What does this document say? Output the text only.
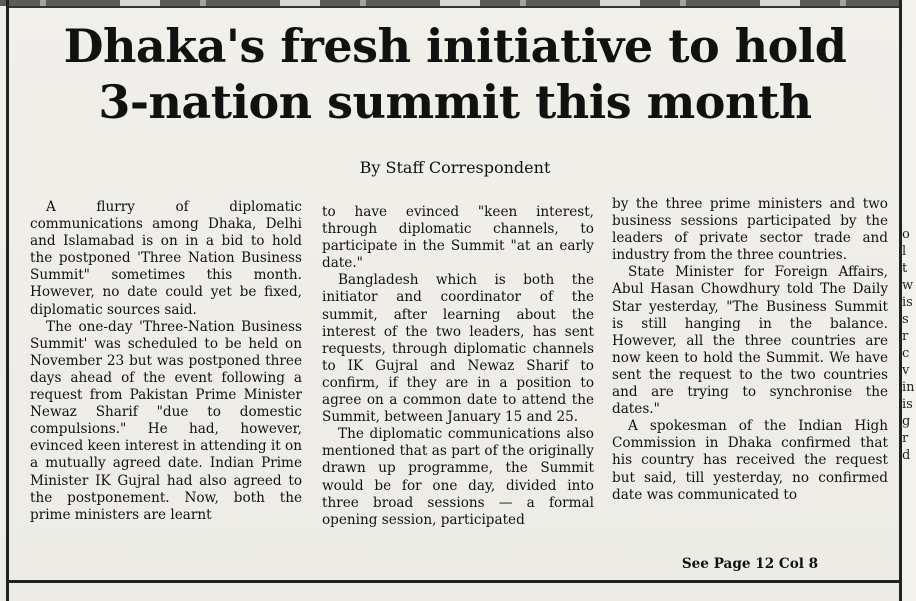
Dhaka's fresh initiative to hold
3-nation summit this month

By Staff Correspondent

A flurry of diplomatic communications among Dhaka, Delhi and Islamabad is on in a bid to hold the postponed 'Three Nation Business Summit" sometimes this month. However, no date could yet be fixed, diplomatic sources said.

The one-day 'Three-Nation Business Summit' was scheduled to be held on November 23 but was postponed three days ahead of the event following a request from Pakistan Prime Minister Newaz Sharif "due to domestic compulsions." He had, however, evinced keen interest in attending it on a mutually agreed date. Indian Prime Minister IK Gujral had also agreed to the postponement. Now, both the prime ministers are learnt

to have evinced "keen interest, through diplomatic channels, to participate in the Summit "at an early date."

Bangladesh which is both the initiator and coordinator of the summit, after learning about the interest of the two leaders, has sent requests, through diplomatic channels to IK Gujral and Newaz Sharif to confirm, if they are in a position to agree on a common date to attend the Summit, between January 15 and 25.

The diplomatic communications also mentioned that as part of the originally drawn up programme, the Summit would be for one day, divided into three broad sessions — a formal opening session, participated

by the three prime ministers and two business sessions participated by the leaders of private sector trade and industry from the three countries.

State Minister for Foreign Affairs, Abul Hasan Chowdhury told The Daily Star yesterday, "The Business Summit is still hanging in the balance. However, all the three countries are now keen to hold the Summit. We have sent the request to the two countries and are trying to synchronise the dates."

A spokesman of the Indian High Commission in Dhaka confirmed that his country has received the request but said, till yesterday, no confirmed date was communicated to

See Page 12 Col 8
o
l
t
w
is
s
r
c
v
in
is
g
r
d
